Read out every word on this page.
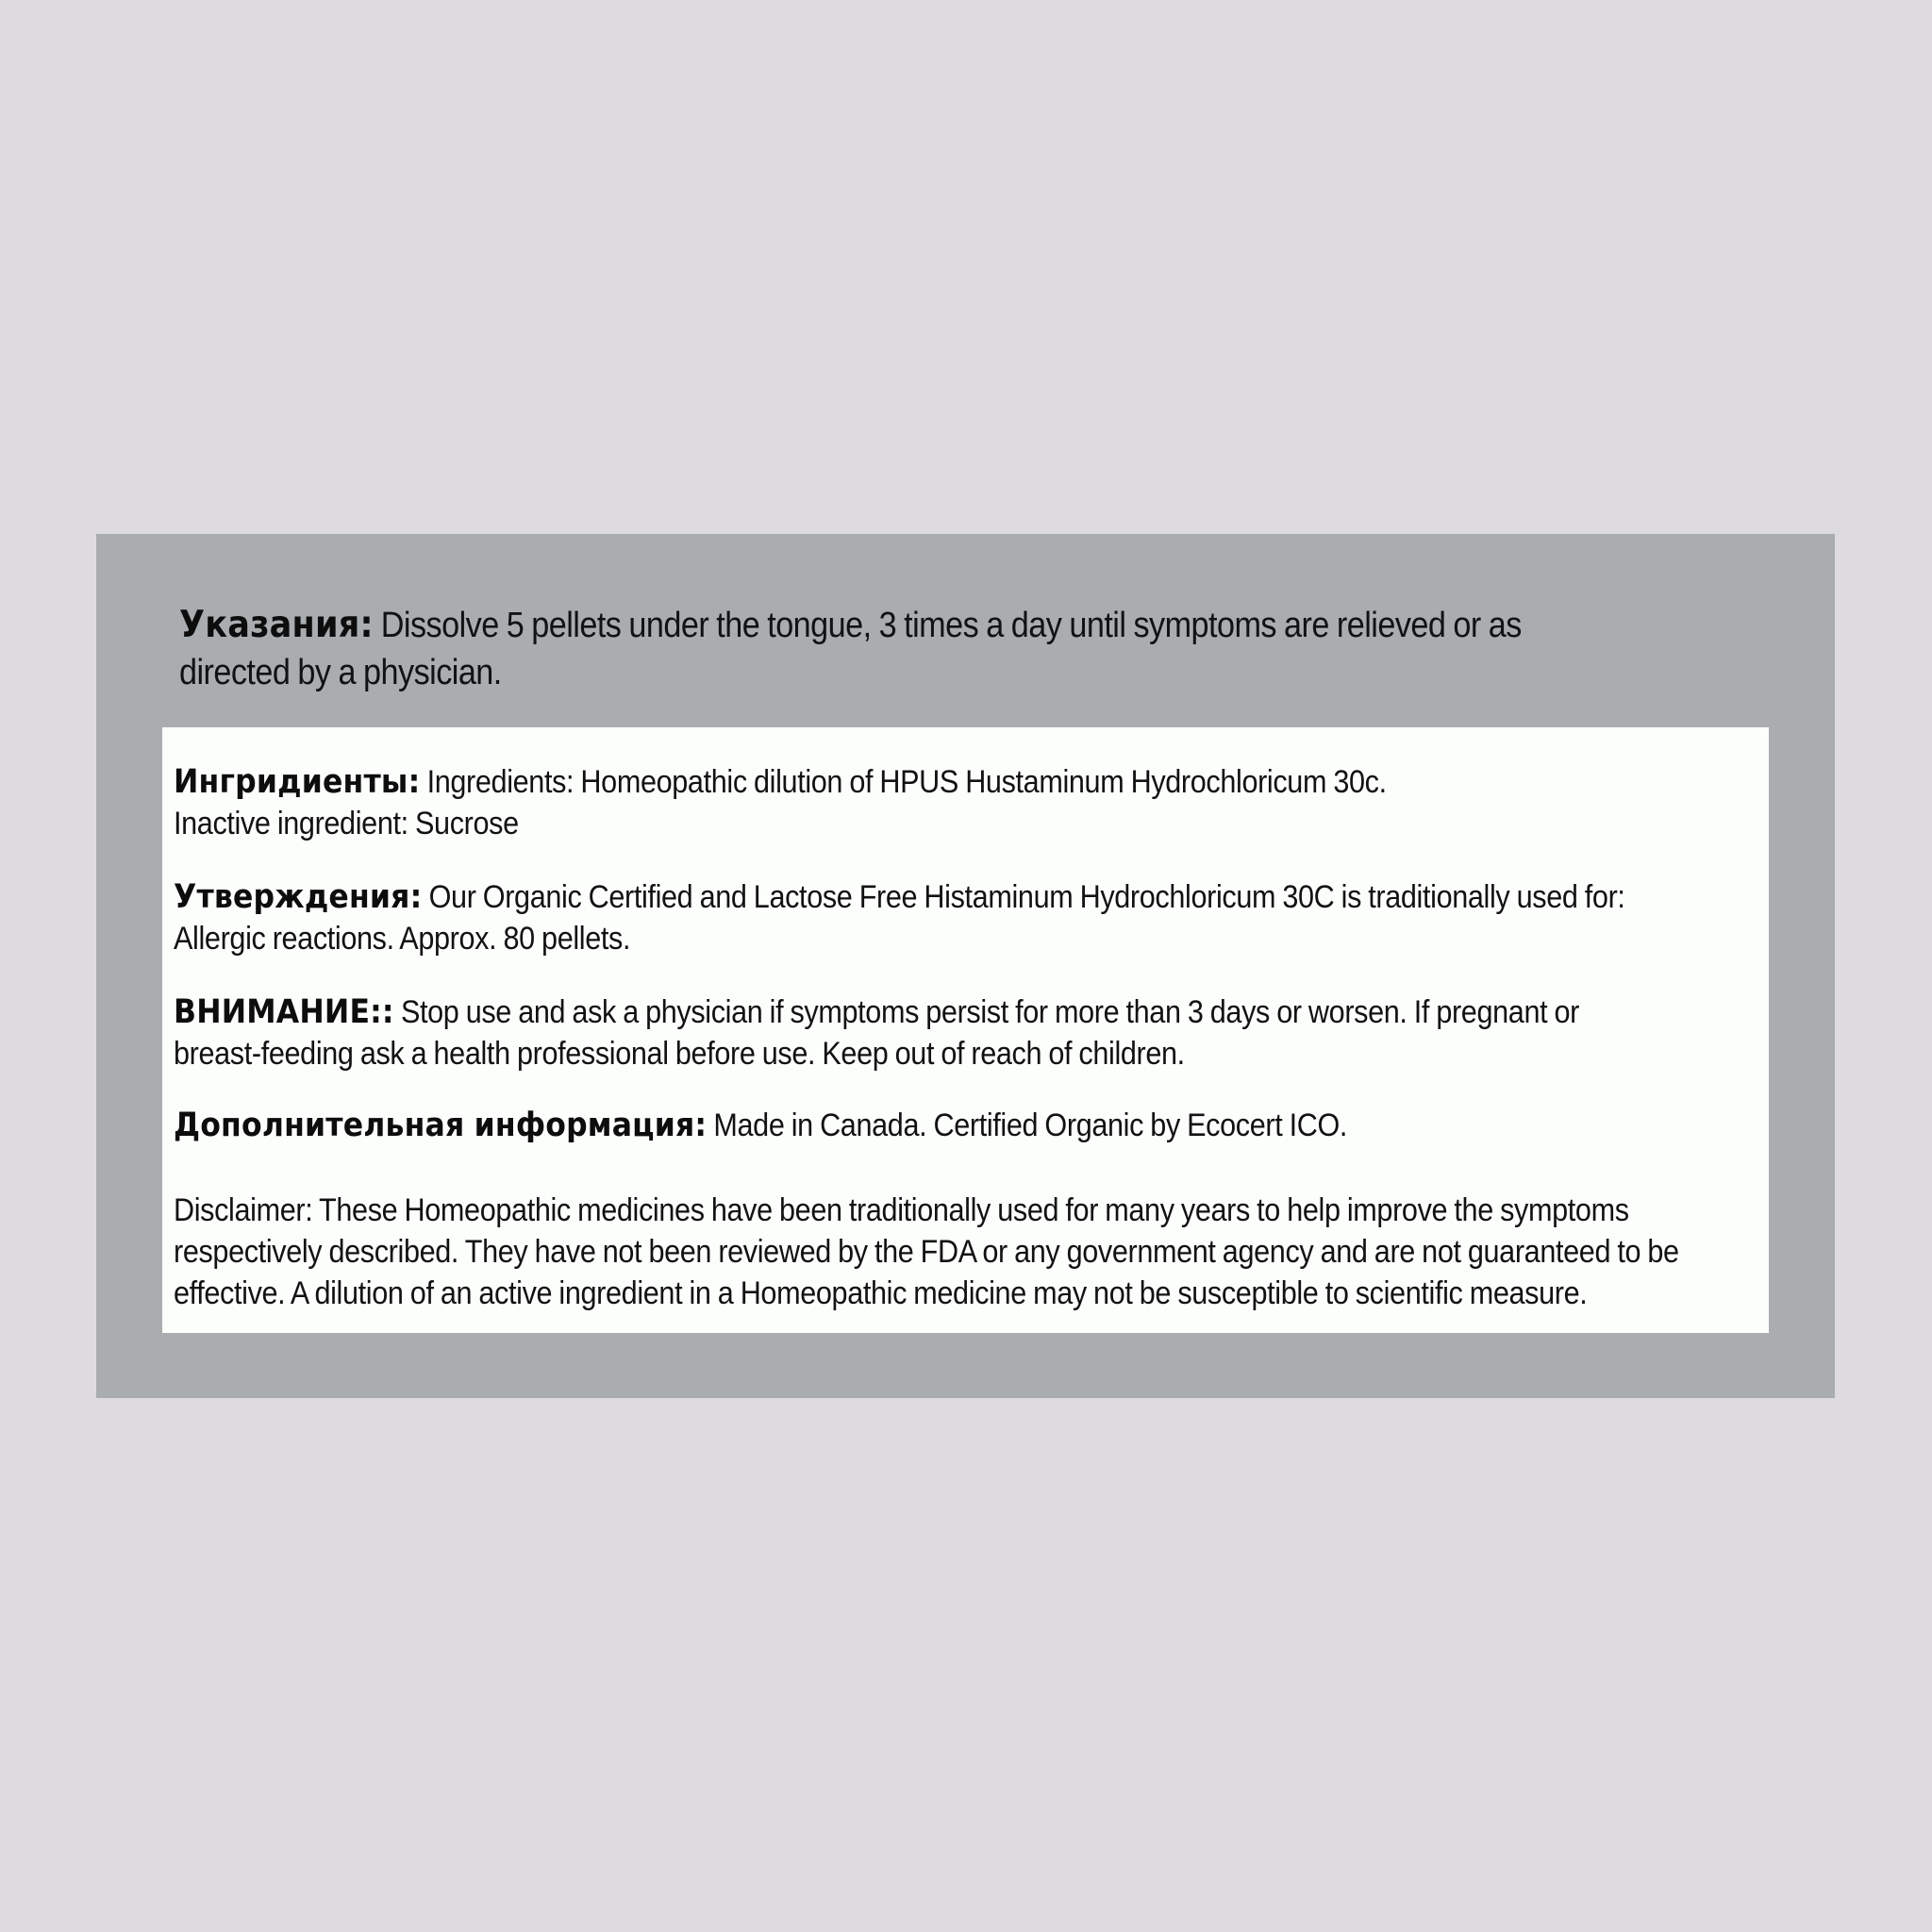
Указания: Dissolve 5 pellets under the tongue, 3 times a day until symptoms are relieved or as
directed by a physician.
Ингридиенты: Ingredients: Homeopathic dilution of HPUS Hustaminum Hydrochloricum 30c.
Inactive ingredient: Sucrose
Утверждения: Our Organic Certified and Lactose Free Histaminum Hydrochloricum 30C is traditionally used for:
Allergic reactions. Approx. 80 pellets.
ВНИМАНИЕ:: Stop use and ask a physician if symptoms persist for more than 3 days or worsen. If pregnant or
breast-feeding ask a health professional before use. Keep out of reach of children.
Дополнительная информация: Made in Canada. Certified Organic by Ecocert ICO.
Disclaimer: These Homeopathic medicines have been traditionally used for many years to help improve the symptoms
respectively described. They have not been reviewed by the FDA or any government agency and are not guaranteed to be
effective. A dilution of an active ingredient in a Homeopathic medicine may not be susceptible to scientific measure.
